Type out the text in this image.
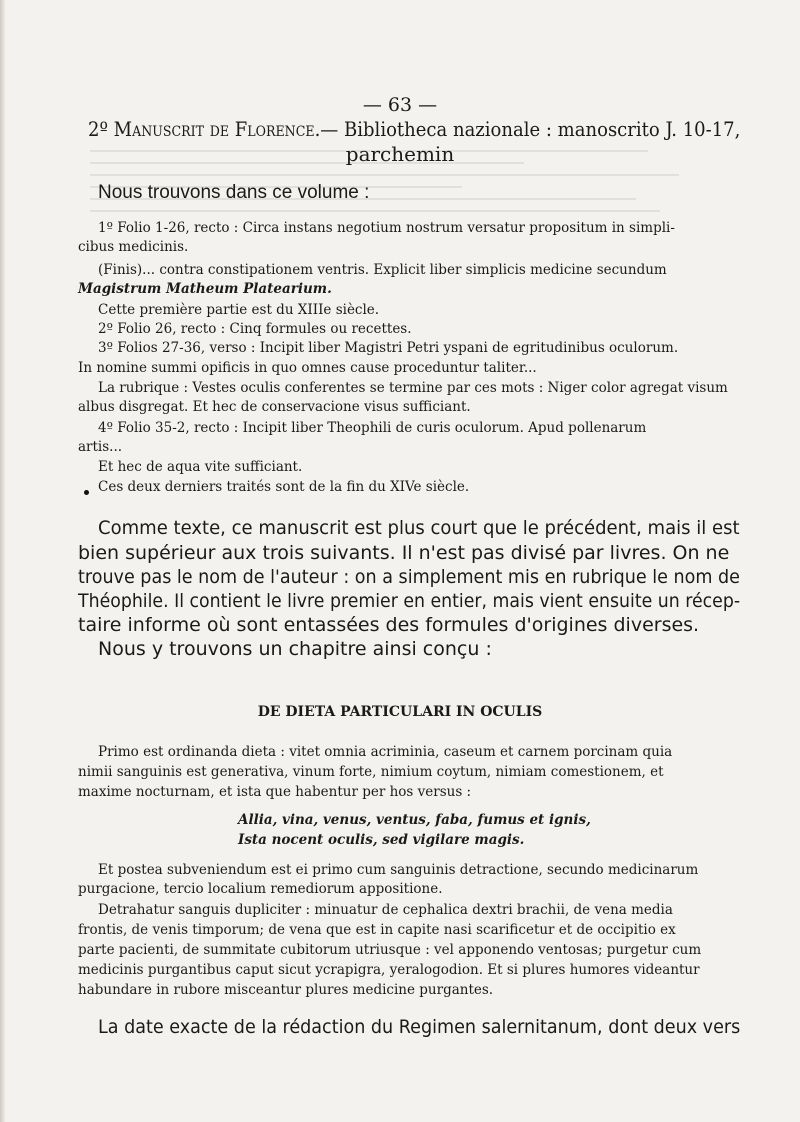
— 63 —
2º Manuscrit de Florence.— Bibliotheca nazionale : manoscrito J. 10-17,
parchemin
Nous trouvons dans ce volume :
1º Folio 1-26, recto : Circa instans negotium nostrum versatur propositum in simpli-
cibus medicinis.
(Finis)... contra constipationem ventris. Explicit liber simplicis medicine secundum
Magistrum Matheum Platearium.
Cette première partie est du XIIIe siècle.
2º Folio 26, recto : Cinq formules ou recettes.
3º Folios 27-36, verso : Incipit liber Magistri Petri yspani de egritudinibus oculorum.
In nomine summi opificis in quo omnes cause proceduntur taliter...
La rubrique : Vestes oculis conferentes se termine par ces mots : Niger color agregat visum
albus disgregat. Et hec de conservacione visus sufficiant.
4º Folio 35-2, recto : Incipit liber Theophili de curis oculorum. Apud pollenarum
artis...
Et hec de aqua vite sufficiant.
Ces deux derniers traités sont de la fin du XIVe siècle.
Comme texte, ce manuscrit est plus court que le précédent, mais il est
bien supérieur aux trois suivants. Il n'est pas divisé par livres. On ne
trouve pas le nom de l'auteur : on a simplement mis en rubrique le nom de
Théophile. Il contient le livre premier en entier, mais vient ensuite un récep-
taire informe où sont entassées des formules d'origines diverses.
Nous y trouvons un chapitre ainsi conçu :
DE DIETA PARTICULARI IN OCULIS
Primo est ordinanda dieta : vitet omnia acriminia, caseum et carnem porcinam quia
nimii sanguinis est generativa, vinum forte, nimium coytum, nimiam comestionem, et
maxime nocturnam, et ista que habentur per hos versus :
Allia, vina, venus, ventus, faba, fumus et ignis,
Ista nocent oculis, sed vigilare magis.
Et postea subveniendum est ei primo cum sanguinis detractione, secundo medicinarum
purgacione, tercio localium remediorum appositione.
Detrahatur sanguis dupliciter : minuatur de cephalica dextri brachii, de vena media
frontis, de venis timporum; de vena que est in capite nasi scarificetur et de occipitio ex
parte pacienti, de summitate cubitorum utriusque : vel apponendo ventosas; purgetur cum
medicinis purgantibus caput sicut ycrapigra, yeralogodion. Et si plures humores videantur
habundare in rubore misceantur plures medicine purgantes.
La date exacte de la rédaction du Regimen salernitanum, dont deux vers
